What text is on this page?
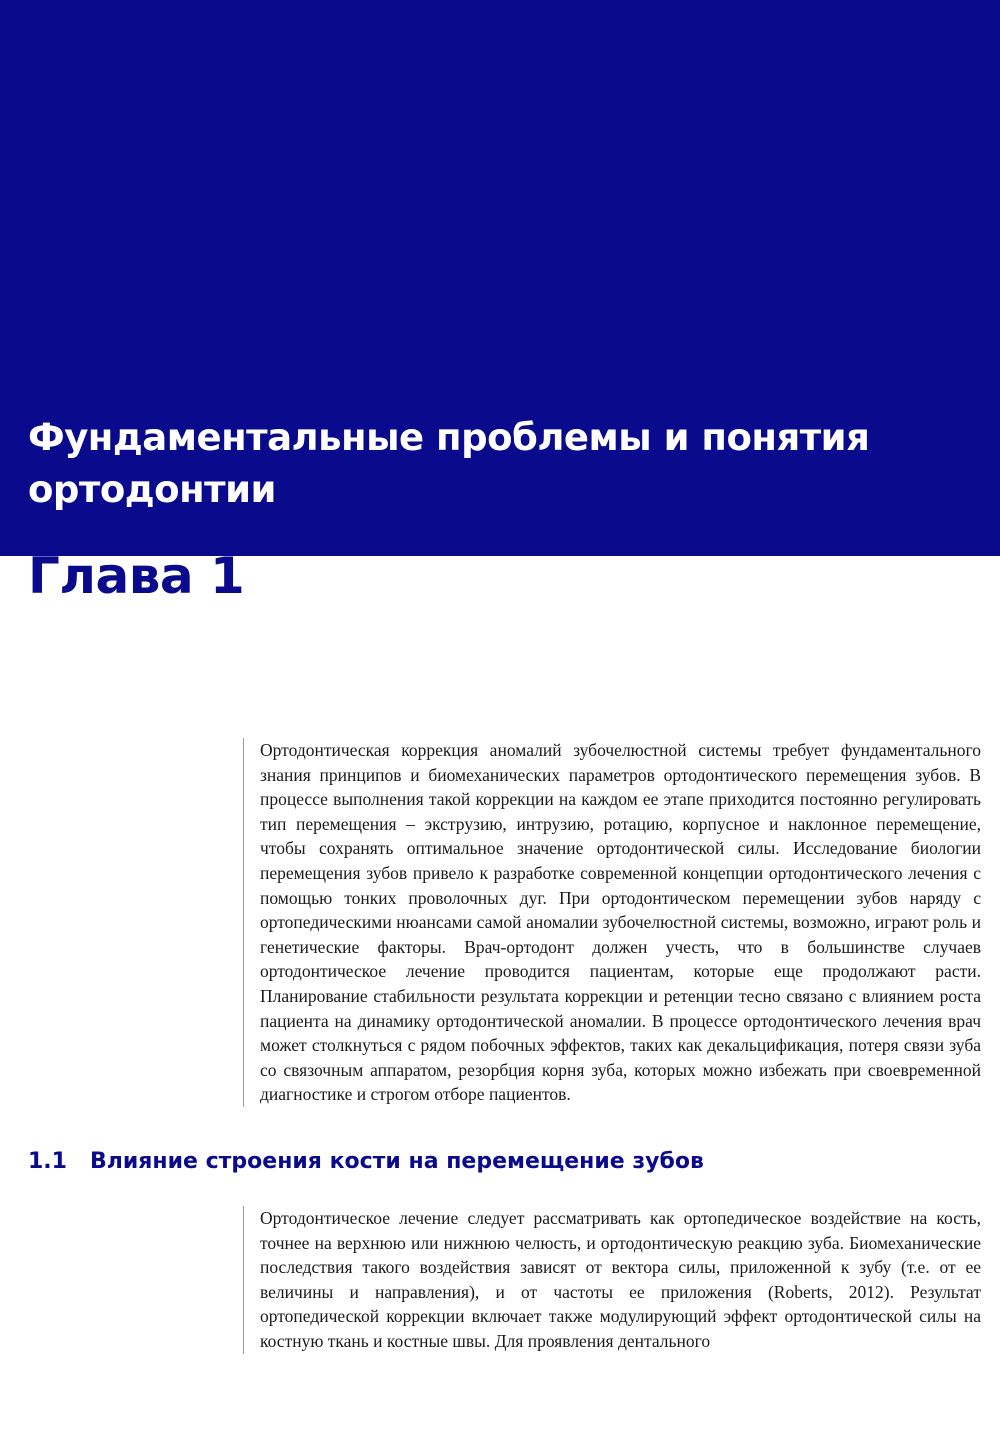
Фундаментальные проблемы и понятия ортодонтии
Глава 1

Ортодонтическая коррекция аномалий зубочелюстной системы требует фундаментального знания принципов и биомеханических параметров ортодонтического перемещения зубов. В процессе выполнения такой коррекции на каждом ее этапе приходится постоянно регулировать тип перемещения – экструзию, интрузию, ротацию, корпусное и наклонное перемещение, чтобы сохранять оптимальное значение ортодонтической силы. Исследование биологии перемещения зубов привело к разработке современной концепции ортодонтического лечения с помощью тонких проволочных дуг. При ортодонтическом перемещении зубов наряду с ортопедическими нюансами самой аномалии зубочелюстной системы, возможно, играют роль и генетические факторы. Врач-ортодонт должен учесть, что в большинстве случаев ортодонтическое лечение проводится пациентам, которые еще продолжают расти. Планирование стабильности результата коррекции и ретенции тесно связано с влиянием роста пациента на динамику ортодонтической аномалии. В процессе ортодонтического лечения врач может столкнуться с рядом побочных эффектов, таких как декальцификация, потеря связи зуба со связочным аппаратом, резорбция корня зуба, которых можно избежать при своевременной диагностике и строгом отборе пациентов.

1.1 Влияние строения кости на перемещение зубов

Ортодонтическое лечение следует рассматривать как ортопедическое воздействие на кость, точнее на верхнюю или нижнюю челюсть, и ортодонтическую реакцию зуба. Биомеханические последствия такого воздействия зависят от вектора силы, приложенной к зубу (т.е. от ее величины и направления), и от частоты ее приложения (Roberts, 2012). Результат ортопедической коррекции включает также модулирующий эффект ортодонтической силы на костную ткань и костные швы. Для проявления дентального
